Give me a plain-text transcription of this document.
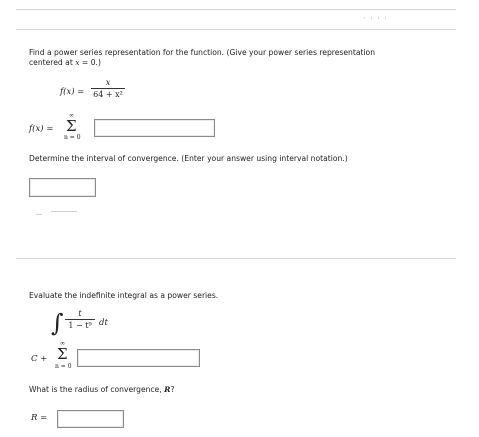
· · · ·
Find a power series representation for the function. (Give your power series representation
centered at x = 0.)
f(x) =
x
64 + x²
f(x) =
∞
Σ
n = 0
Determine the interval of convergence. (Enter your answer using interval notation.)
Evaluate the indefinite integral as a power series.
∫	t
1 − t⁹ dt
C +
∞
Σ
n = 0
What is the radius of convergence, R?
R =
